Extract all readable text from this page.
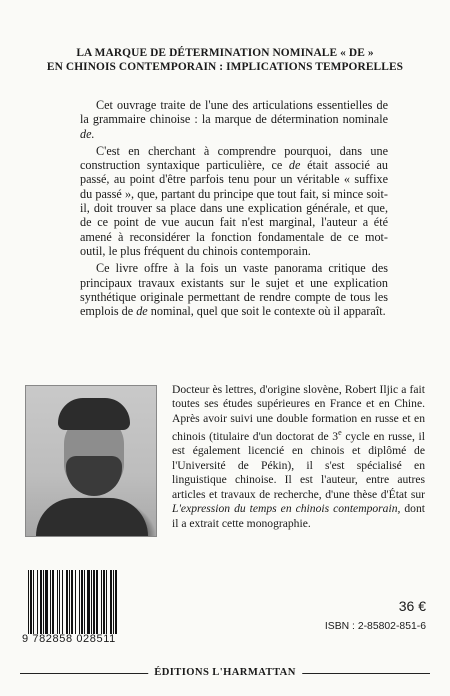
LA MARQUE DE DÉTERMINATION NOMINALE « DE »
EN CHINOIS CONTEMPORAIN : IMPLICATIONS TEMPORELLES

Cet ouvrage traite de l'une des articulations essentielles de la grammaire chinoise : la marque de détermination nominale de.

C'est en cherchant à comprendre pourquoi, dans une construction syntaxique particulière, ce de était associé au passé, au point d'être parfois tenu pour un véritable « suffixe du passé », que, partant du principe que tout fait, si mince soit-il, doit trouver sa place dans une explication générale, et que, de ce point de vue aucun fait n'est marginal, l'auteur a été amené à reconsidérer la fonction fondamentale de ce mot-outil, le plus fréquent du chinois contemporain.

Ce livre offre à la fois un vaste panorama critique des principaux travaux existants sur le sujet et une explication synthétique originale permettant de rendre compte de tous les emplois de de nominal, quel que soit le contexte où il apparaît.

Docteur ès lettres, d'origine slovène, Robert Iljic a fait toutes ses études supérieures en France et en Chine. Après avoir suivi une double formation en russe et en chinois (titulaire d'un doctorat de 3e cycle en russe, il est également licencié en chinois et diplômé de l'Université de Pékin), il s'est spécialisé en linguistique chinoise. Il est l'auteur, entre autres articles et travaux de recherche, d'une thèse d'État sur L'expression du temps en chinois contemporain, dont il a extrait cette monographie.

9 782858 028511
36 €
ISBN : 2-85802-851-6
ÉDITIONS L'HARMATTAN
